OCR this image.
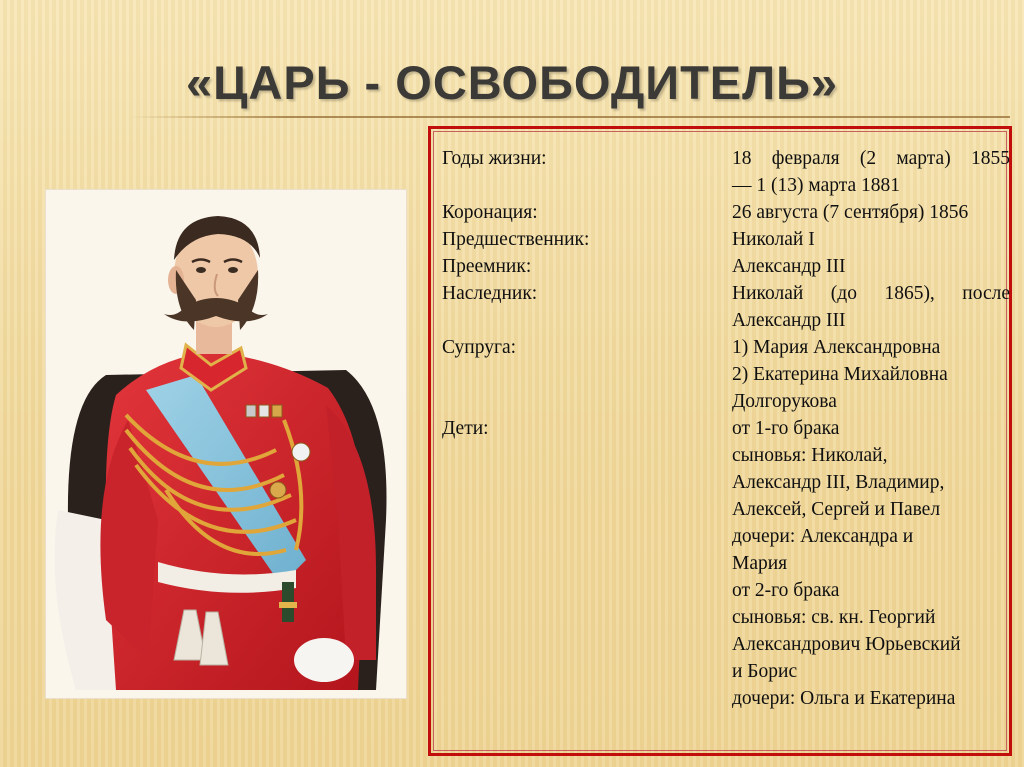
«ЦАРЬ - ОСВОБОДИТЕЛЬ»
Годы жизни:	18 февраля (2 марта) 1855
— 1 (13) марта 1881
Коронация:	26 августа (7 сентября) 1856
Предшественник:	Николай I
Преемник:	Александр III
Наследник:	Николай (до 1865), после
Александр III
Супруга:	1) Мария Александровна
2) Екатерина Михайловна
Долгорукова
Дети:	от 1-го брака
сыновья: Николай,
Александр III, Владимир,
Алексей, Сергей и Павел
дочери: Александра и
Мария
от 2-го брака
сыновья: св. кн. Георгий
Александрович Юрьевский
и Борис
дочери: Ольга и Екатерина
